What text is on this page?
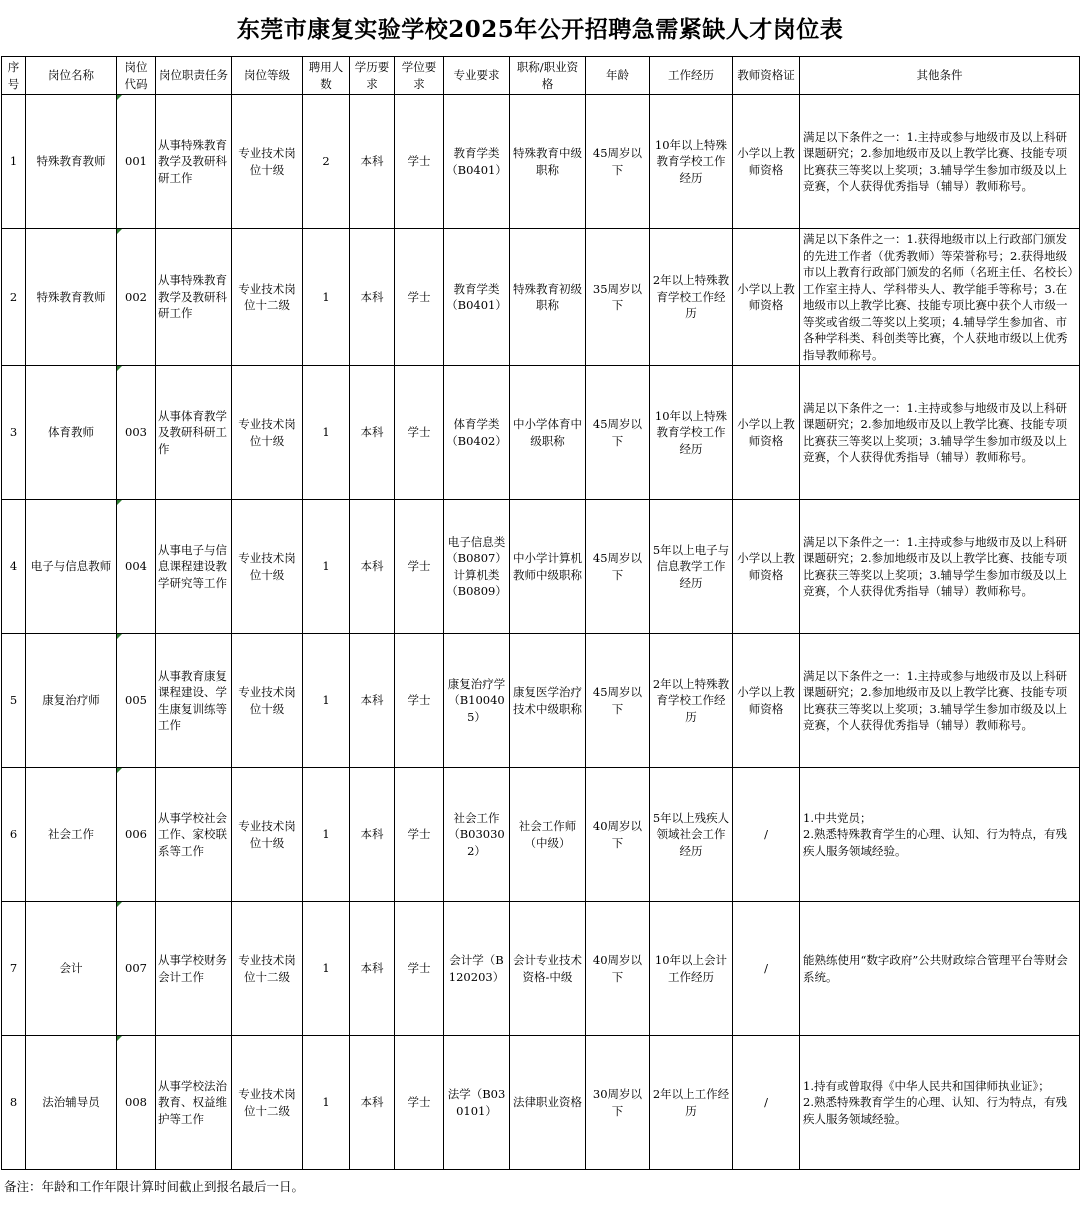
东莞市康复实验学校2025年公开招聘急需紧缺人才岗位表
序号	岗位名称	岗位代码	岗位职责任务	岗位等级	聘用人数	学历要求	学位要求	专业要求	职称/职业资格	年龄	工作经历	教师资格证	其他条件
1	特殊教育教师	001	从事特殊教育教学及教研科研工作	专业技术岗位十级	2	本科	学士	教育学类（B0401）	特殊教育中级职称	45周岁以下	10年以上特殊教育学校工作经历	小学以上教师资格	满足以下条件之一：1.主持或参与地级市及以上科研课题研究；2.参加地级市及以上教学比赛、技能专项比赛获三等奖以上奖项；3.辅导学生参加市级及以上竞赛，个人获得优秀指导（辅导）教师称号。
2	特殊教育教师	002	从事特殊教育教学及教研科研工作	专业技术岗位十二级	1	本科	学士	教育学类（B0401）	特殊教育初级职称	35周岁以下	2年以上特殊教育学校工作经历	小学以上教师资格	满足以下条件之一：1.获得地级市以上行政部门颁发的先进工作者（优秀教师）等荣誉称号；2.获得地级市以上教育行政部门颁发的名师（名班主任、名校长）工作室主持人、学科带头人、教学能手等称号；3.在地级市以上教学比赛、技能专项比赛中获个人市级一等奖或省级二等奖以上奖项；4.辅导学生参加省、市各种学科类、科创类等比赛，个人获地市级以上优秀指导教师称号。
3	体育教师	003	从事体育教学及教研科研工作	专业技术岗位十级	1	本科	学士	体育学类（B0402）	中小学体育中级职称	45周岁以下	10年以上特殊教育学校工作经历	小学以上教师资格	满足以下条件之一：1.主持或参与地级市及以上科研课题研究；2.参加地级市及以上教学比赛、技能专项比赛获三等奖以上奖项；3.辅导学生参加市级及以上竞赛，个人获得优秀指导（辅导）教师称号。
4	电子与信息教师	004	从事电子与信息课程建设教学研究等工作	专业技术岗位十级	1	本科	学士	电子信息类（B0807）计算机类（B0809）	中小学计算机教师中级职称	45周岁以下	5年以上电子与信息教学工作经历	小学以上教师资格	满足以下条件之一：1.主持或参与地级市及以上科研课题研究；2.参加地级市及以上教学比赛、技能专项比赛获三等奖以上奖项；3.辅导学生参加市级及以上竞赛，个人获得优秀指导（辅导）教师称号。
5	康复治疗师	005	从事教育康复课程建设、学生康复训练等工作	专业技术岗位十级	1	本科	学士	康复治疗学（B100405）	康复医学治疗技术中级职称	45周岁以下	2年以上特殊教育学校工作经历	小学以上教师资格	满足以下条件之一：1.主持或参与地级市及以上科研课题研究；2.参加地级市及以上教学比赛、技能专项比赛获三等奖以上奖项；3.辅导学生参加市级及以上竞赛，个人获得优秀指导（辅导）教师称号。
6	社会工作	006	从事学校社会工作、家校联系等工作	专业技术岗位十级	1	本科	学士	社会工作（B030302）	社会工作师（中级）	40周岁以下	5年以上残疾人领域社会工作经历	/	1.中共党员；
2.熟悉特殊教育学生的心理、认知、行为特点，有残疾人服务领域经验。

7	会计	007	从事学校财务会计工作	专业技术岗位十二级	1	本科	学士	会计学（B120203）	会计专业技术资格-中级	40周岁以下	10年以上会计工作经历	/	能熟练使用“数字政府”公共财政综合管理平台等财会系统。
8	法治辅导员	008	从事学校法治教育、权益维护等工作	专业技术岗位十二级	1	本科	学士	法学（B030101）	法律职业资格	30周岁以下	2年以上工作经历	/	1.持有或曾取得《中华人民共和国律师执业证》；
2.熟悉特殊教育学生的心理、认知、行为特点，有残疾人服务领域经验。
备注：年龄和工作年限计算时间截止到报名最后一日。
